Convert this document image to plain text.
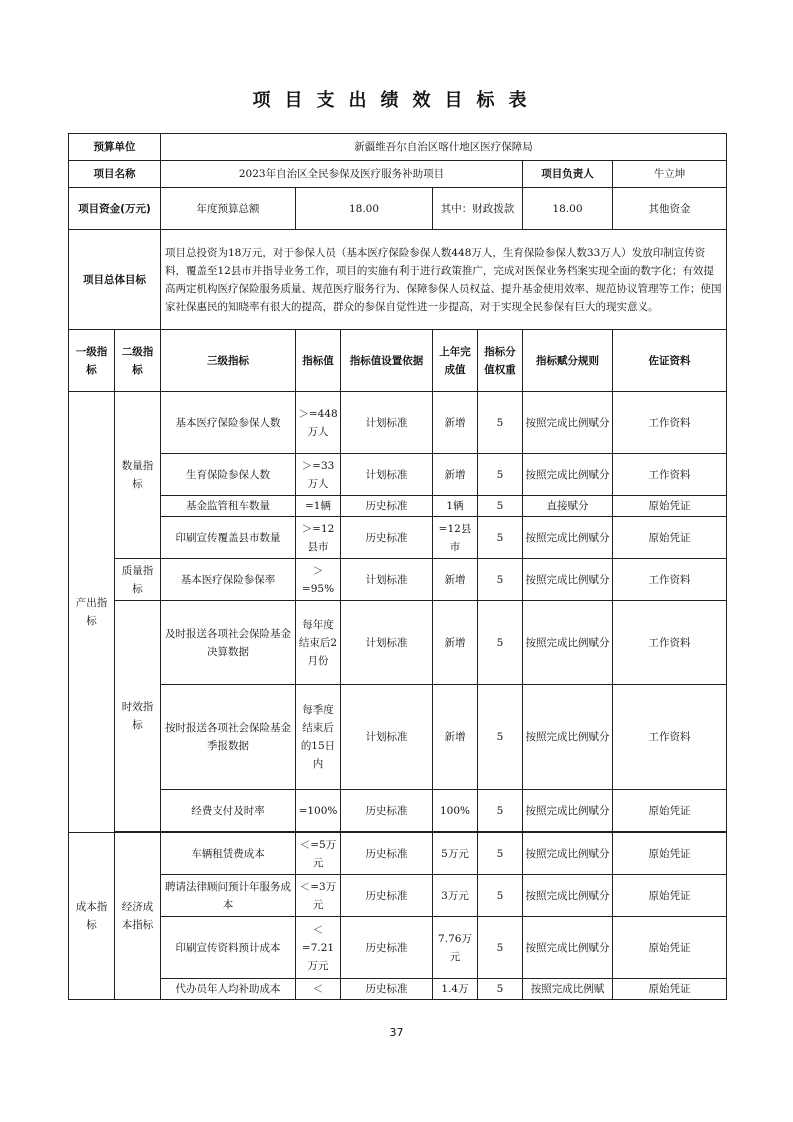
项目支出绩效目标表
预算单位		新疆维吾尔自治区喀什地区医疗保障局							
项目名称		2023年自治区全民参保及医疗服务补助项目					项目负责人	牛立坤	
项目资金(万元)		年度预算总额	18.00		其中：财政拨款		18.00	其他资金	
项目总体目标		项目总投资为18万元，对于参保人员（基本医疗保险参保人数448万人，生育保险参保人数33万人）发放印制宣传资料，覆盖至12县市并指导业务工作，项目的实施有利于进行政策推广，完成对医保业务档案实现全面的数字化；有效提高两定机构医疗保险服务质量、规范医疗服务行为、保障参保人员权益、提升基金使用效率、规范协议管理等工作；使国家社保惠民的知晓率有很大的提高，群众的参保自觉性进一步提高，对于实现全民参保有巨大的现实意义。							
一级指标	二级指标	三级指标	指标值	指标值设置依据	上年完成值	指标分值权重	指标赋分规则	佐证资料	
产出指标	数量指标	基本医疗保险参保人数	＞=448万人	计划标准	新增	5	按照完成比例赋分	工作资料	
		生育保险参保人数	＞=33万人	计划标准	新增	5	按照完成比例赋分	工作资料	
		基金监管租车数量	=1辆	历史标准	1辆	5	直接赋分	原始凭证	
		印刷宣传覆盖县市数量	＞=12县市	历史标准	=12县市	5	按照完成比例赋分	原始凭证	
	质量指标	基本医疗保险参保率	＞=95%	计划标准	新增	5	按照完成比例赋分	工作资料	
	时效指标	及时报送各项社会保险基金决算数据	每年度结束后2月份	计划标准	新增	5	按照完成比例赋分	工作资料	
		按时报送各项社会保险基金季报数据	每季度结束后的15日内	计划标准	新增	5	按照完成比例赋分	工作资料	
		经费支付及时率	=100%	历史标准	100%	5	按照完成比例赋分	原始凭证	

成本指标	经济成本指标	车辆租赁费成本	＜=5万元	历史标准	5万元	5	按照完成比例赋分	原始凭证	
		聘请法律顾问预计年服务成本	＜=3万元	历史标准	3万元	5	按照完成比例赋分	原始凭证	
		印刷宣传资料预计成本	＜=7.21万元	历史标准	7.76万元	5	按照完成比例赋分	原始凭证	
		代办员年人均补助成本	＜	历史标准	1.4万	5	按照完成比例赋	原始凭证	
37
